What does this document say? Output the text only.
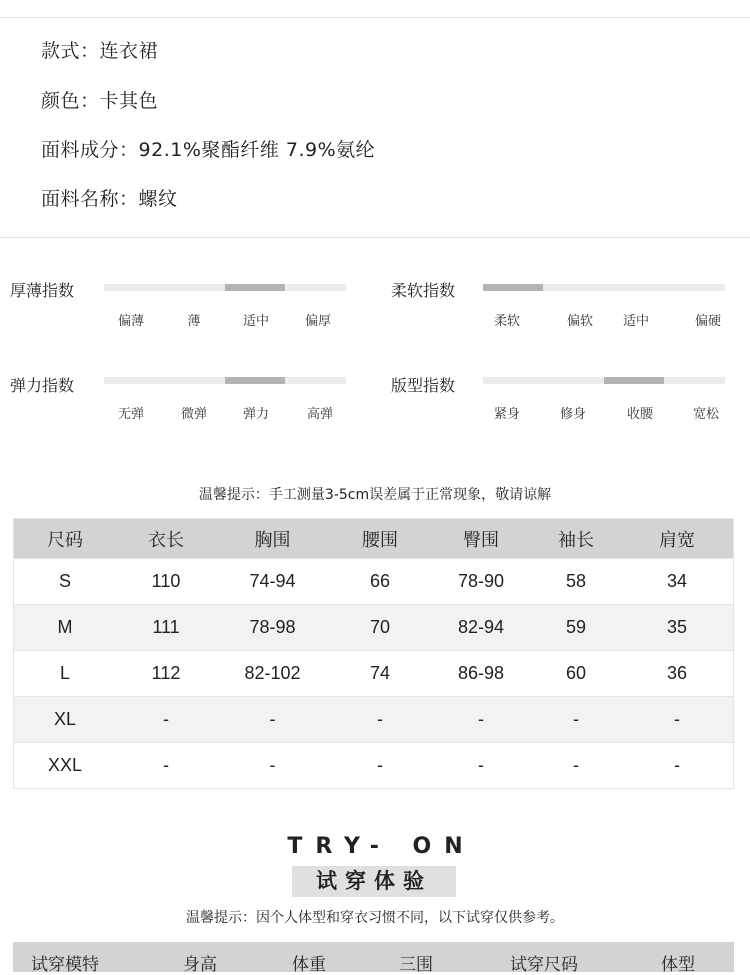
款式：连衣裙
颜色：卡其色
面料成分：92.1%聚酯纤维 7.9%氨纶
面料名称：螺纹
厚薄指数
偏薄	薄	适中	偏厚
柔软指数
柔软	偏软 适中	偏硬
弹力指数
无弹	微弹	弹力	高弹
版型指数
紧身	修身	收腰	宽松
温馨提示：手工测量3-5cm误差属于正常现象，敬请谅解
尺码	衣长	胸围	腰围	臀围	袖长	肩宽
S	110	74-94	66	78-90	58	34
M	111	78-98	70	82-94	59	35
L	112	82-102	74	86-98	60	36
XL	-	-	-	-	-	-
XXL	-	-	-	-	-	-
TRY- ON
试穿体验
温馨提示：因个人体型和穿衣习惯不同，以下试穿仅供参考。
试穿模特	身高	体重	三围	试穿尺码	体型
